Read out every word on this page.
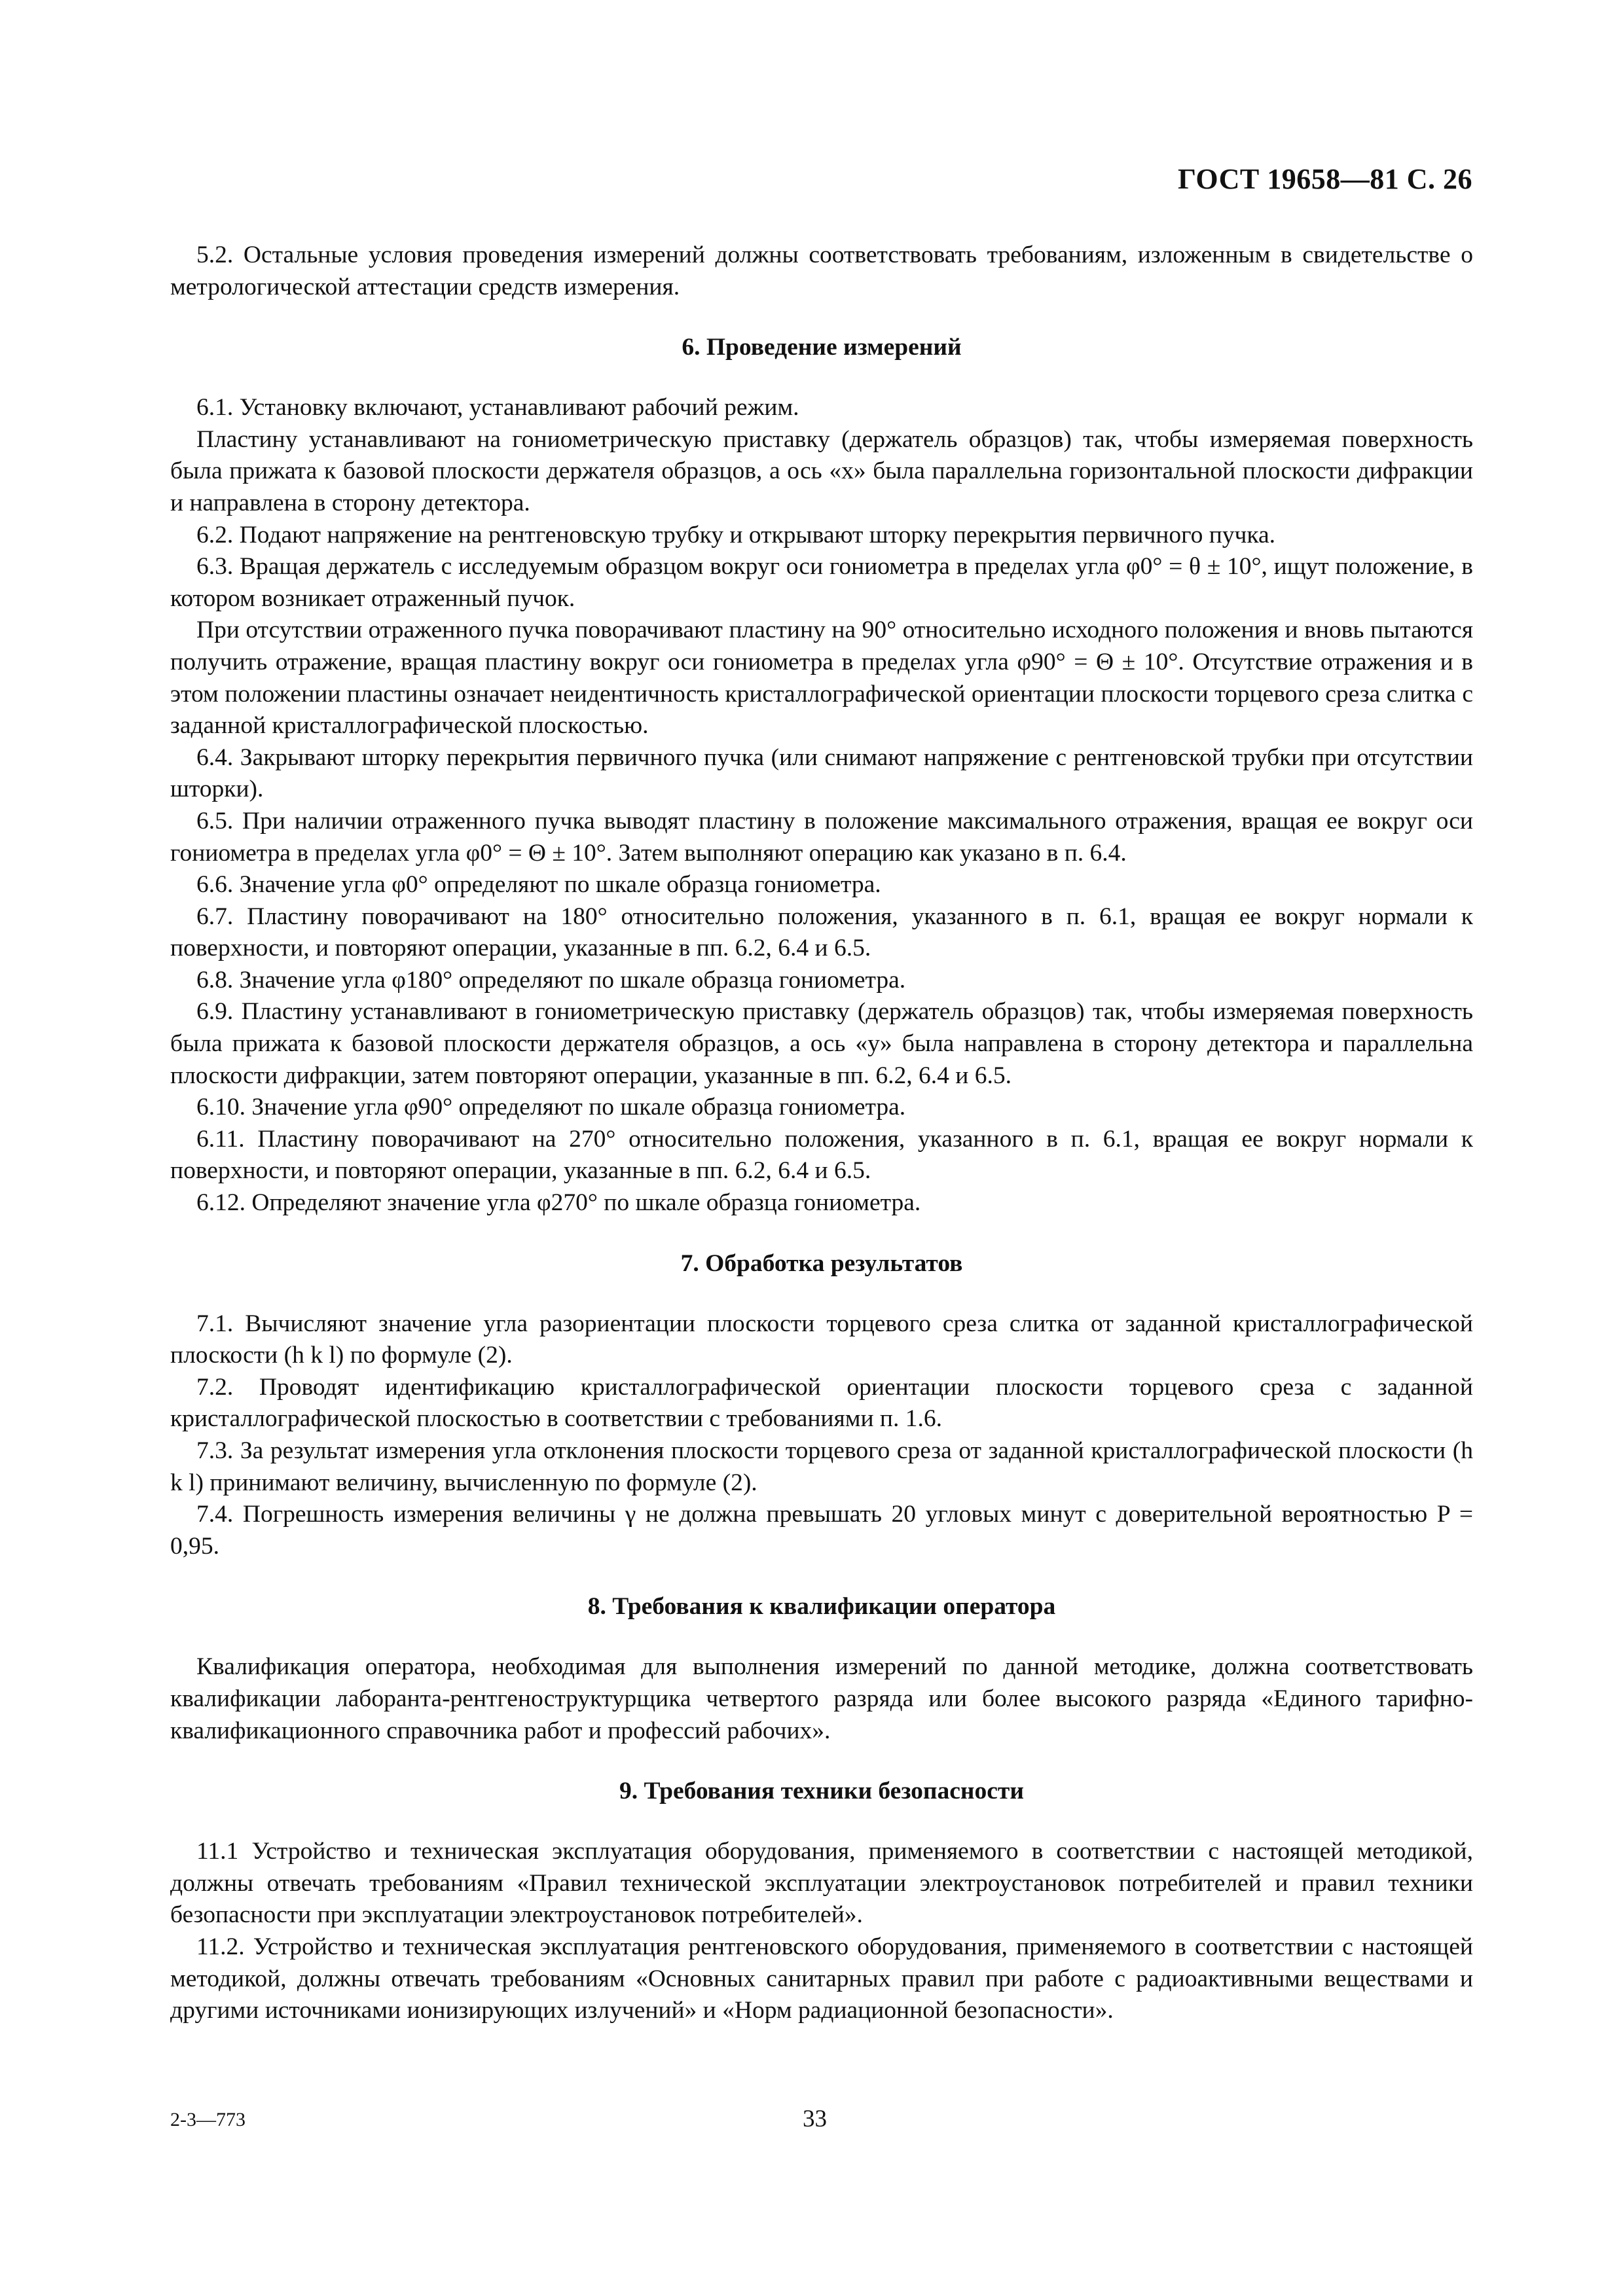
ГОСТ 19658—81 С. 26

5.2. Остальные условия проведения измерений должны соответствовать требованиям, изложенным в свидетельстве о метрологической аттестации средств измерения.

6. Проведение измерений

6.1. Установку включают, устанавливают рабочий режим.

Пластину устанавливают на гониометрическую приставку (держатель образцов) так, чтобы измеряемая поверхность была прижата к базовой плоскости держателя образцов, а ось «x» была параллельна горизонтальной плоскости дифракции и направлена в сторону детектора.

6.2. Подают напряжение на рентгеновскую трубку и открывают шторку перекрытия первичного пучка.

6.3. Вращая держатель с исследуемым образцом вокруг оси гониометра в пределах угла φ0° = θ ± 10°, ищут положение, в котором возникает отраженный пучок.

При отсутствии отраженного пучка поворачивают пластину на 90° относительно исходного положения и вновь пытаются получить отражение, вращая пластину вокруг оси гониометра в пределах угла φ90° = Θ ± 10°. Отсутствие отражения и в этом положении пластины означает неидентичность кристаллографической ориентации плоскости торцевого среза слитка с заданной кристаллографической плоскостью.

6.4. Закрывают шторку перекрытия первичного пучка (или снимают напряжение с рентгеновской трубки при отсутствии шторки).

6.5. При наличии отраженного пучка выводят пластину в положение максимального отражения, вращая ее вокруг оси гониометра в пределах угла φ0° = Θ ± 10°. Затем выполняют операцию как указано в п. 6.4.

6.6. Значение угла φ0° определяют по шкале образца гониометра.

6.7. Пластину поворачивают на 180° относительно положения, указанного в п. 6.1, вращая ее вокруг нормали к поверхности, и повторяют операции, указанные в пп. 6.2, 6.4 и 6.5.

6.8. Значение угла φ180° определяют по шкале образца гониометра.

6.9. Пластину устанавливают в гониометрическую приставку (держатель образцов) так, чтобы измеряемая поверхность была прижата к базовой плоскости держателя образцов, а ось «y» была направлена в сторону детектора и параллельна плоскости дифракции, затем повторяют операции, указанные в пп. 6.2, 6.4 и 6.5.

6.10. Значение угла φ90° определяют по шкале образца гониометра.

6.11. Пластину поворачивают на 270° относительно положения, указанного в п. 6.1, вращая ее вокруг нормали к поверхности, и повторяют операции, указанные в пп. 6.2, 6.4 и 6.5.

6.12. Определяют значение угла φ270° по шкале образца гониометра.

7. Обработка результатов

7.1. Вычисляют значение угла разориентации плоскости торцевого среза слитка от заданной кристаллографической плоскости (h k l) по формуле (2).

7.2. Проводят идентификацию кристаллографической ориентации плоскости торцевого среза с заданной кристаллографической плоскостью в соответствии с требованиями п. 1.6.

7.3. За результат измерения угла отклонения плоскости торцевого среза от заданной кристаллографической плоскости (h k l) принимают величину, вычисленную по формуле (2).

7.4. Погрешность измерения величины γ не должна превышать 20 угловых минут с доверительной вероятностью P = 0,95.

8. Требования к квалификации оператора

Квалификация оператора, необходимая для выполнения измерений по данной методике, должна соответствовать квалификации лаборанта-рентгеноструктурщика четвертого разряда или более высокого разряда «Единого тарифно-квалификационного справочника работ и профессий рабочих».

9. Требования техники безопасности

11.1 Устройство и техническая эксплуатация оборудования, применяемого в соответствии с настоящей методикой, должны отвечать требованиям «Правил технической эксплуатации электроустановок потребителей и правил техники безопасности при эксплуатации электроустановок потребителей».

11.2. Устройство и техническая эксплуатация рентгеновского оборудования, применяемого в соответствии с настоящей методикой, должны отвечать требованиям «Основных санитарных правил при работе с радиоактивными веществами и другими источниками ионизирующих излучений» и «Норм радиационной безопасности».

2-3—773	33
